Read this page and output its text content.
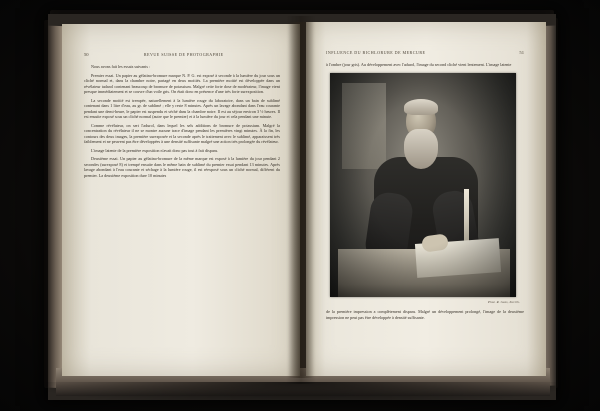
50	REVUE SUISSE DE PHOTOGRAPHIE

Nous avons fait les essais suivants :

Premier essai. Un papier au gélatino-bromure marque N. P. G. est exposé à seconde à la lumière du jour sous un cliché normal et, dans la chambre noire, partagé en deux moitiés. La première moitié est développée dans un révélateur tadarol contenant beaucoup de bromure de potassium. Malgré cette forte dose de modérateur, l'image vient presque immédiatement et se couvre d'un voile gris. On était donc en présence d'une très forte surexposition.

La seconde moitié est trempée, naturellement à la lumière rouge du laboratoire, dans un bain de sublimé contenant dans 1 litre d'eau, au gr. de sublimé ; elle y reste 8 minutes. Après un lavage abondant dans l'eau courante pendant une demi-heure, le papier est suspendu et séché dans la chambre noire. Il est au séjour environ 3 ½ heures. Il est ensuite exposé sous un cliché normal (autre que le premier) et à la lumière du jour et cela pendant une minute.

Comme révélateur, on sert l'adurol, dans lequel les sels additions de bromure de potassium. Malgré la concentration du révélateur il ne se montre aucune trace d'image pendant les premières vingt minutes. À la fin, les contours des deux images, la première surexposée et la seconde après le traitement avec le sublimé, apparaissent très faiblement et ne peuvent pas être développées à une densité suffisante malgré une action très prolongée du révélateur.

L'image latente de la première exposition n'avait donc pas tout à fait disparu.

Deuxième essai. Un papier au gélatino-bromure de la même marque est exposé à la lumière du jour pendant 2 secondes (surexposé 8) et trempé ensuite dans le même bain de sublimé du premier essai pendant 13 minutes. Après lavage abondant à l'eau courante et séchage à la lumière rouge, il est réexposé sous un cliché normal, différent du premier. La deuxième exposition dure 10 minutes

INFLUENCE DU BICHLORURE DE MERCURE	51

à l'ombre (jour gris). Au développement avec l'adurol, l'image du second cliché vient lentement. L'image latente

Phot. R. Gass, Zurich.

de la première impression a complètement disparu. Malgré un développement prolongé, l'image de la deuxième impression ne peut pas être développée à densité suffisante.
